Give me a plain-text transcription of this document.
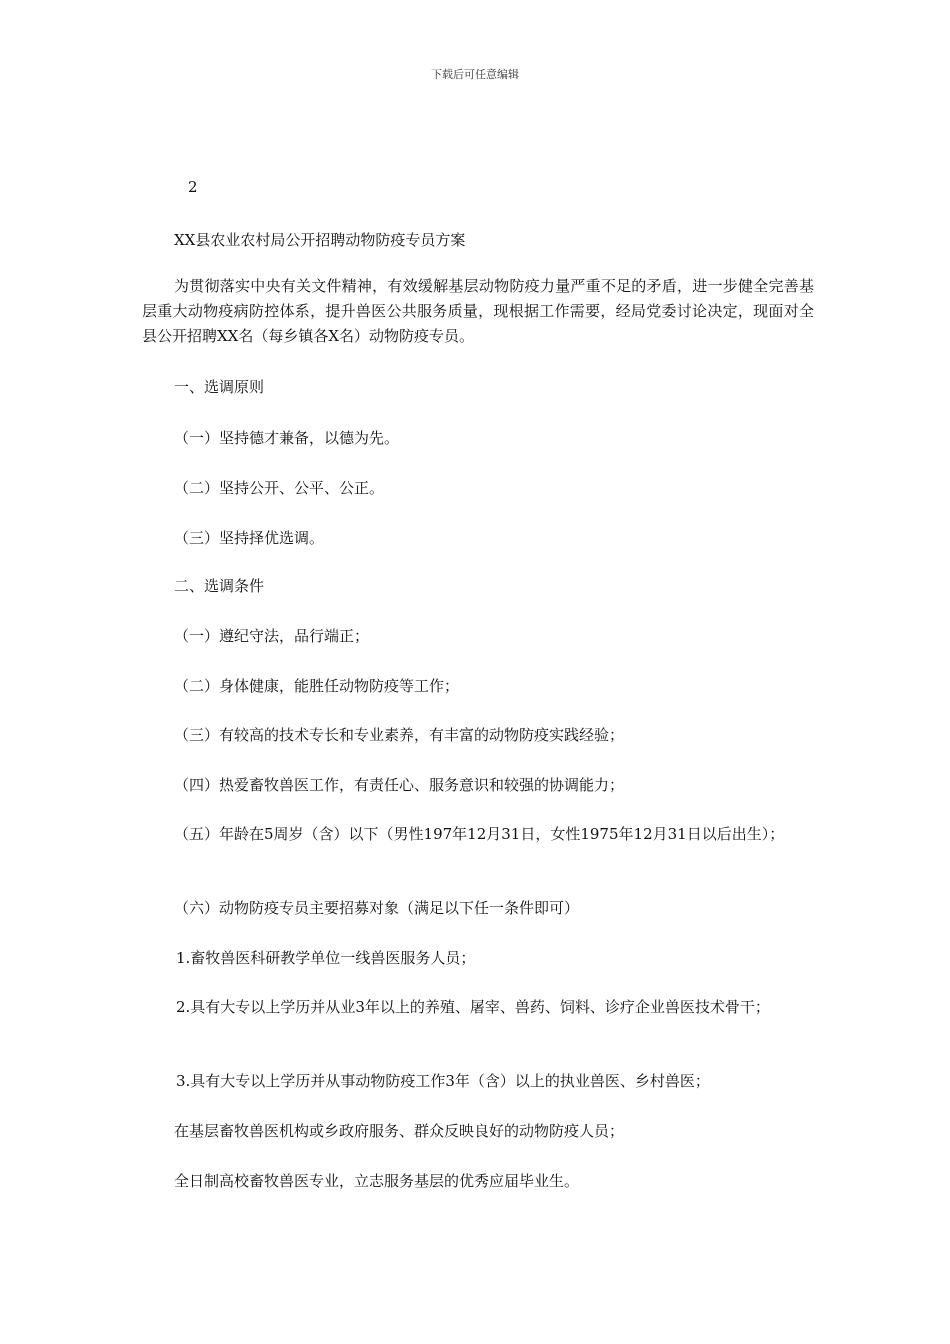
下载后可任意编辑
2
XX县农业农村局公开招聘动物防疫专员方案
为贯彻落实中央有关文件精神，有效缓解基层动物防疫力量严重不足的矛盾，进一步健全完善基层重大动物疫病防控体系，提升兽医公共服务质量，现根据工作需要，经局党委讨论决定，现面对全县公开招聘XX名（每乡镇各X名）动物防疫专员。
一、选调原则
（一）坚持德才兼备，以德为先。
（二）坚持公开、公平、公正。
（三）坚持择优选调。
二、选调条件
（一）遵纪守法，品行端正；
（二）身体健康，能胜任动物防疫等工作；
（三）有较高的技术专长和专业素养，有丰富的动物防疫实践经验；
（四）热爱畜牧兽医工作，有责任心、服务意识和较强的协调能力；
（五）年龄在5周岁（含）以下（男性197年12月31日，女性1975年12月31日以后出生）；
（六）动物防疫专员主要招募对象（满足以下任一条件即可）
1.畜牧兽医科研教学单位一线兽医服务人员；
2.具有大专以上学历并从业3年以上的养殖、屠宰、兽药、饲料、诊疗企业兽医技术骨干；
3.具有大专以上学历并从事动物防疫工作3年（含）以上的执业兽医、乡村兽医；
在基层畜牧兽医机构或乡政府服务、群众反映良好的动物防疫人员；
全日制高校畜牧兽医专业，立志服务基层的优秀应届毕业生。
